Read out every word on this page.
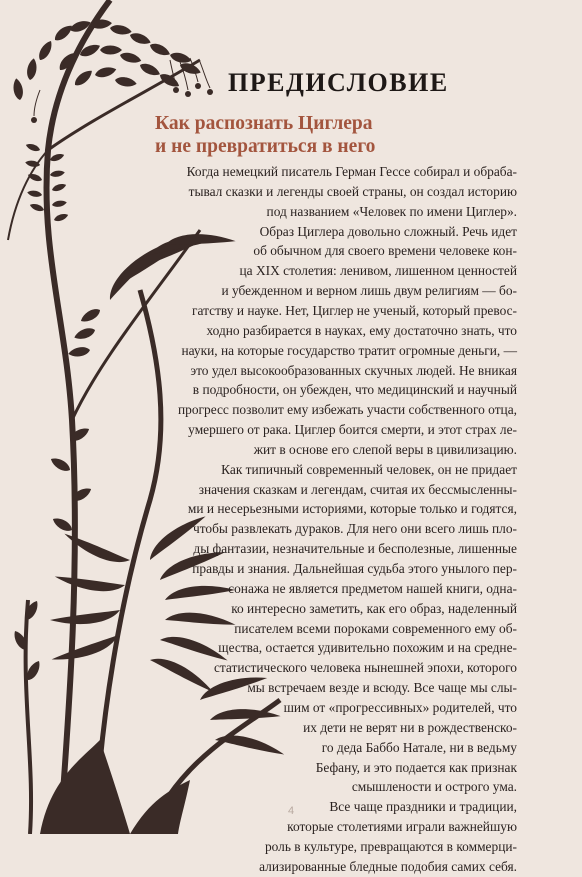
ПРЕДИСЛОВИЕ
Как распознать Циглера
и не превратиться в него
Когда немецкий писатель Герман Гессе собирал и обраба-
тывал сказки и легенды своей страны, он создал историю
под названием «Человек по имени Циглер».
Образ Циглера довольно сложный. Речь идет
об обычном для своего времени человеке кон-
ца XIX столетия: ленивом, лишенном ценностей
и убежденном и верном лишь двум религиям — бо-
гатству и науке. Нет, Циглер не ученый, который превос-
ходно разбирается в науках, ему достаточно знать, что
науки, на которые государство тратит огромные деньги, —
это удел высокообразованных скучных людей. Не вникая
в подробности, он убежден, что медицинский и научный
прогресс позволит ему избежать участи собственного отца,
умершего от рака. Циглер боится смерти, и этот страх ле-
жит в основе его слепой веры в цивилизацию.
Как типичный современный человек, он не придает
значения сказкам и легендам, считая их бессмысленны-
ми и несерьезными историями, которые только и годятся,
чтобы развлекать дураков. Для него они всего лишь пло-
ды фантазии, незначительные и бесполезные, лишенные
правды и знания. Дальнейшая судьба этого унылого пер-
сонажа не является предметом нашей книги, одна-
ко интересно заметить, как его образ, наделенный
писателем всеми пороками современного ему об-
щества, остается удивительно похожим и на средне-
статистического человека нынешней эпохи, которого
мы встречаем везде и всюду. Все чаще мы слы-
шим от «прогрессивных» родителей, что
их дети не верят ни в рождественско-
го деда Баббо Натале, ни в ведьму
Бефану, и это подается как признак
смышлености и острого ума.
Все чаще праздники и традиции,
которые столетиями играли важнейшую
роль в культуре, превращаются в коммерци-
ализированные бледные подобия самих себя.
4
